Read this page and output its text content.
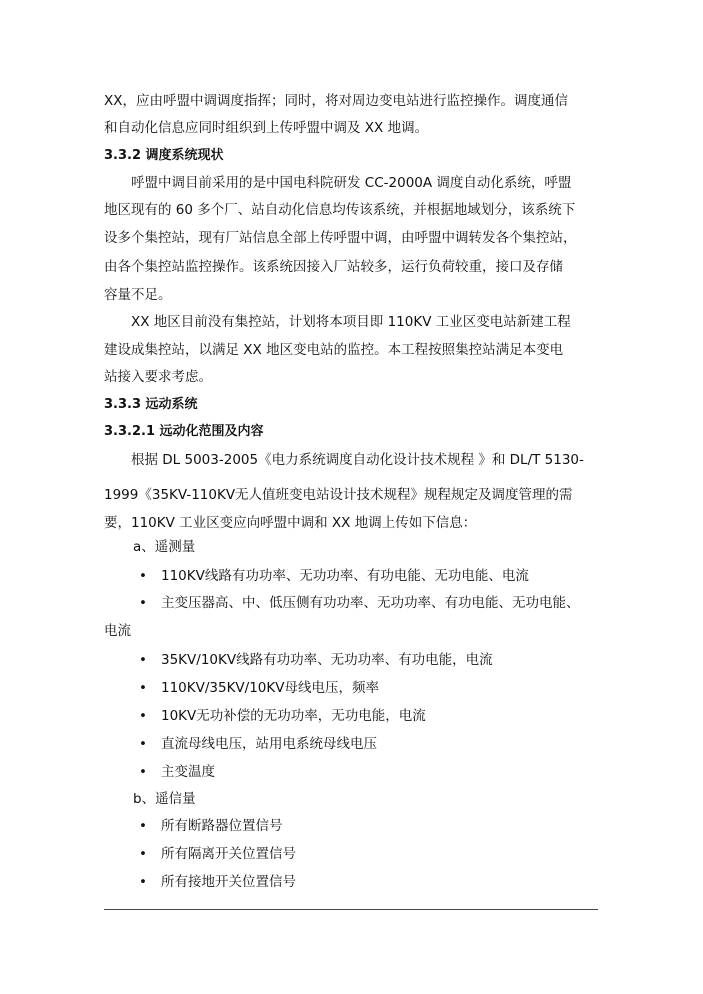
XX，应由呼盟中调调度指挥；同时，将对周边变电站进行监控操作。调度通信
和自动化信息应同时组织到上传呼盟中调及 XX 地调。
3.3.2 调度系统现状
呼盟中调目前采用的是中国电科院研发 CC-2000A 调度自动化系统，呼盟
地区现有的 60 多个厂、站自动化信息均传该系统，并根据地域划分，该系统下
设多个集控站，现有厂站信息全部上传呼盟中调，由呼盟中调转发各个集控站，
由各个集控站监控操作。该系统因接入厂站较多，运行负荷较重，接口及存储
容量不足。
XX 地区目前没有集控站，计划将本项目即 110KV 工业区变电站新建工程
建设成集控站，以满足 XX 地区变电站的监控。本工程按照集控站满足本变电
站接入要求考虑。
3.3.3 远动系统
3.3.2.1 远动化范围及内容
根据 DL 5003-2005《电力系统调度自动化设计技术规程 》和 DL/T 5130-
1999《35KV-110KV无人值班变电站设计技术规程》规程规定及调度管理的需
要，110KV 工业区变应向呼盟中调和 XX 地调上传如下信息：
a、遥测量
• 110KV线路有功功率、无功功率、有功电能、无功电能、电流
• 主变压器高、中、低压侧有功功率、无功功率、有功电能、无功电能、
电流
• 35KV/10KV线路有功功率、无功功率、有功电能，电流
• 110KV/35KV/10KV母线电压，频率
• 10KV无功补偿的无功功率，无功电能，电流
• 直流母线电压，站用电系统母线电压
• 主变温度
b、遥信量
• 所有断路器位置信号
• 所有隔离开关位置信号
• 所有接地开关位置信号
